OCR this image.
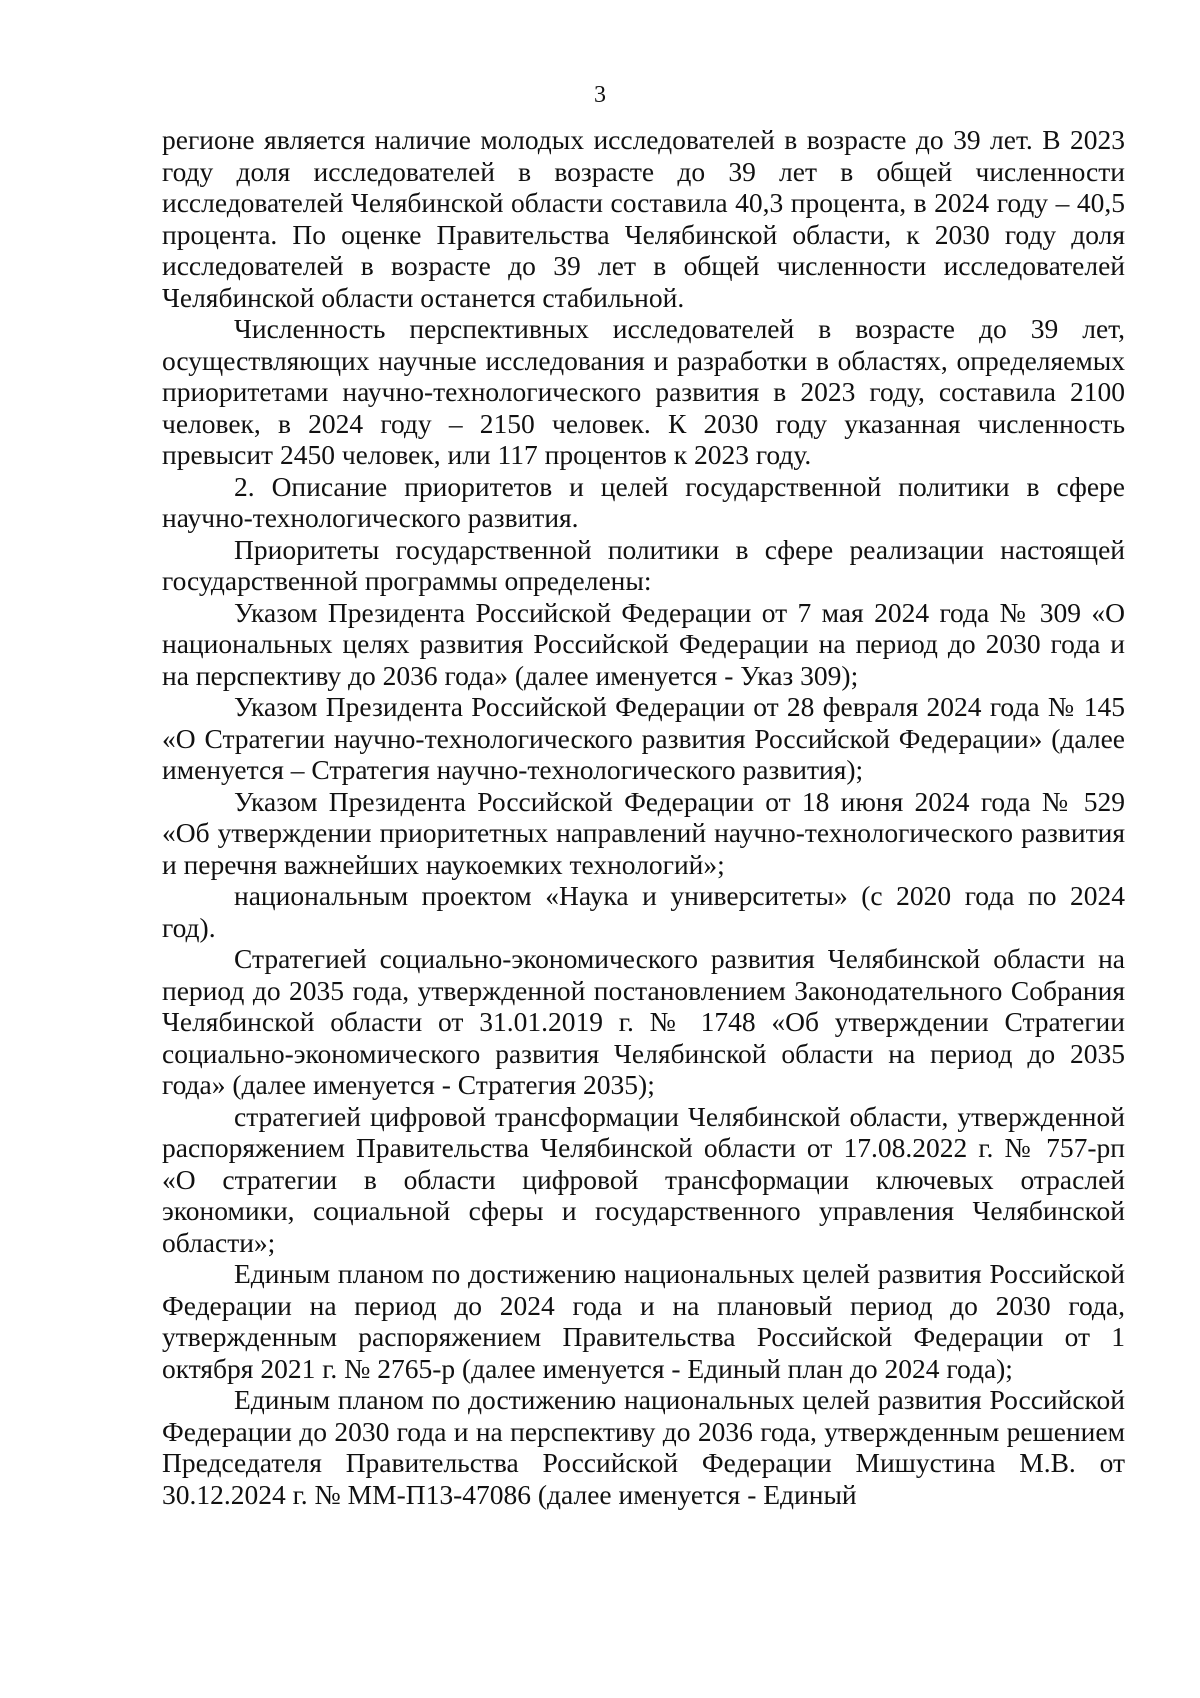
3

регионе является наличие молодых исследователей в возрасте до 39 лет. В 2023 году доля исследователей в возрасте до 39 лет в общей численности исследователей Челябинской области составила 40,3 процента, в 2024 году – 40,5 процента. По оценке Правительства Челябинской области, к 2030 году доля исследователей в возрасте до 39 лет в общей численности исследователей Челябинской области останется стабильной.

Численность перспективных исследователей в возрасте до 39 лет, осуществляющих научные исследования и разработки в областях, определяемых приоритетами научно-технологического развития в 2023 году, составила 2100 человек, в 2024 году – 2150 человек. К 2030 году указанная численность превысит 2450 человек, или 117 процентов к 2023 году.

2. Описание приоритетов и целей государственной политики в сфере научно-технологического развития.

Приоритеты государственной политики в сфере реализации настоящей государственной программы определены:

Указом Президента Российской Федерации от 7 мая 2024 года № 309 «О национальных целях развития Российской Федерации на период до 2030 года и на перспективу до 2036 года» (далее именуется - Указ 309);

Указом Президента Российской Федерации от 28 февраля 2024 года № 145 «О Стратегии научно-технологического развития Российской Федерации» (далее именуется – Стратегия научно-технологического развития);

Указом Президента Российской Федерации от 18 июня 2024 года № 529 «Об утверждении приоритетных направлений научно-технологического развития и перечня важнейших наукоемких технологий»;

национальным проектом «Наука и университеты» (с 2020 года по 2024 год).

Стратегией социально-экономического развития Челябинской области на период до 2035 года, утвержденной постановлением Законодательного Собрания Челябинской области от 31.01.2019 г. № 1748 «Об утверждении Стратегии социально-экономического развития Челябинской области на период до 2035 года» (далее именуется - Стратегия 2035);

стратегией цифровой трансформации Челябинской области, утвержденной распоряжением Правительства Челябинской области от 17.08.2022 г. № 757-рп «О стратегии в области цифровой трансформации ключевых отраслей экономики, социальной сферы и государственного управления Челябинской области»;

Единым планом по достижению национальных целей развития Российской Федерации на период до 2024 года и на плановый период до 2030 года, утвержденным распоряжением Правительства Российской Федерации от 1 октября 2021 г. № 2765-р (далее именуется - Единый план до 2024 года);

Единым планом по достижению национальных целей развития Российской Федерации до 2030 года и на перспективу до 2036 года, утвержденным решением Председателя Правительства Российской Федерации Мишустина М.В. от 30.12.2024 г. № ММ-П13-47086 (далее именуется - Единый
